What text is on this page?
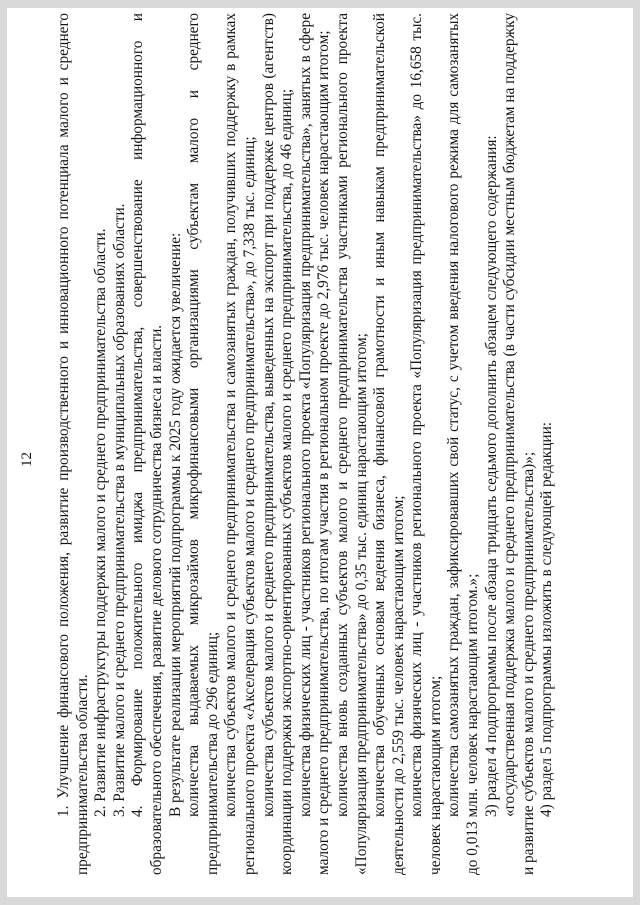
12 1. Улучшение финансового положения, развитие производственного и инновационного потенциала малого и среднего предпринимательства области. 2. Развитие инфраструктуры поддержки малого и среднего предпринимательства области. 3. Развитие малого и среднего предпринимательства в муниципальных образованиях области. 4. Формирование положительного имиджа предпринимательства, совершенствование информационного и образовательного обеспечения, развитие делового сотрудничества бизнеса и власти. В результате реализации мероприятий подпрограммы к 2025 году ожидается увеличение: количества выдаваемых микрозаймов микрофинансовыми организациями субъектам малого и среднего предпринимательства до 296 единиц; количества субъектов малого и среднего предпринимательства и самозанятых граждан, получивших поддержку в рамках регионального проекта «Акселерация субъектов малого и среднего предпринимательства», до 7,338 тыс. единиц; количества субъектов малого и среднего предпринимательства, выведенных на экспорт при поддержке центров (агентств) координации поддержки экспортно-ориентированных субъектов малого и среднего предпринимательства, до 46 единиц; количества физических лиц - участников регионального проекта «Популяризация предпринимательства», занятых в сфере малого и среднего предпринимательства, по итогам участия в региональном проекте до 2,976 тыс. человек нарастающим итогом; количества вновь созданных субъектов малого и среднего предпринимательства участниками регионального проекта «Популяризация предпринимательства» до 0,35 тыс. единиц нарастающим итогом; количества обученных основам ведения бизнеса, финансовой грамотности и иным навыкам предпринимательской деятельности до 2,559 тыс. человек нарастающим итогом; количества физических лиц - участников регионального проекта «Популяризация предпринимательства» до 16,658 тыс. человек нарастающим итогом; количества самозанятых граждан, зафиксировавших свой статус, с учетом введения налогового режима для самозанятых до 0,013 млн. человек нарастающим итогом.»; 3) раздел 4 подпрограммы после абзаца тридцать седьмого дополнить абзацем следующего содержания: «государственная поддержка малого и среднего предпринимательства (в части субсидии местным бюджетам на поддержку и развитие субъектов малого и среднего предпринимательства)»; 4) раздел 5 подпрограммы изложить в следующей редакции:
